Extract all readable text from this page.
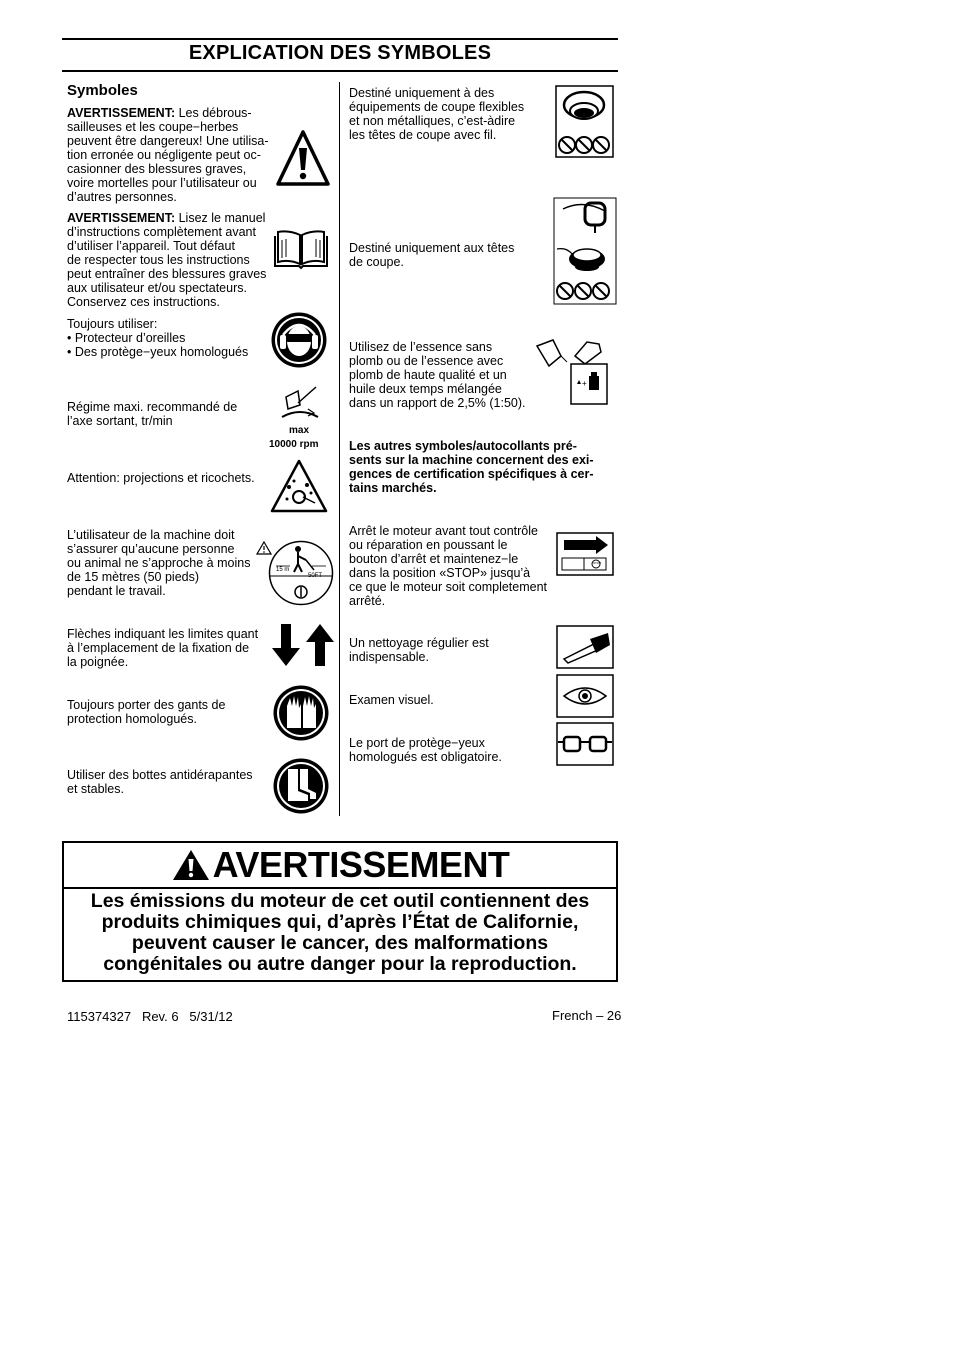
EXPLICATION DES SYMBOLES
Symboles
AVERTISSEMENT: Les débrous-
sailleuses et les coupe−herbes
peuvent être dangereux! Une utilisa-
tion erronée ou négligente peut oc-
casionner des blessures graves,
voire mortelles pour l’utilisateur ou
d’autres personnes.
AVERTISSEMENT: Lisez le manuel
d’instructions complètement avant
d’utiliser l’appareil. Tout défaut
de respecter tous les instructions
peut entraîner des blessures graves
aux utilisateur et/ou spectateurs.
Conservez ces instructions.
Toujours utiliser:
• Protecteur d’oreilles
• Des protège−yeux homologués
Régime maxi. recommandé de
l’axe sortant, tr/min
max
10000 rpm
Attention: projections et ricochets.
L’utilisateur de la machine doit
s’assurer qu’aucune personne
ou animal ne s’approche à moins
de 15 mètres (50 pieds)
pendant le travail.
15 m
50FT
Flèches indiquant les limites quant
à l’emplacement de la fixation de
la poignée.
Toujours porter des gants de
protection homologués.
Utiliser des bottes antidérapantes
et stables.
Destiné uniquement à des
équipements de coupe flexibles
et non métalliques, c’est-àdire
les têtes de coupe avec fil.
Destiné uniquement aux têtes
de coupe.
Utilisez de l’essence sans
plomb ou de l’essence avec
plomb de haute qualité et un
huile deux temps mélangée
dans un rapport de 2,5% (1:50).
+
Les autres symboles/autocollants pré-
sents sur la machine concernent des exi-
gences de certification spécifiques à cer-
tains marchés.
Arrêt le moteur avant tout contrôle
ou réparation en poussant le
bouton d’arrêt et maintenez−le
dans la position «STOP» jusqu’à
ce que le moteur soit completement
arrêté.
STOP
Un nettoyage régulier est
indispensable.
Examen visuel.
Le port de protège−yeux
homologués est obligatoire.
AVERTISSEMENT
Les émissions du moteur de cet outil contiennent des
produits chimiques qui, d’après l’État de Californie,
peuvent causer le cancer, des malformations
congénitales ou autre danger pour la reproduction.
115374327   Rev. 6   5/31/12	French – 26
